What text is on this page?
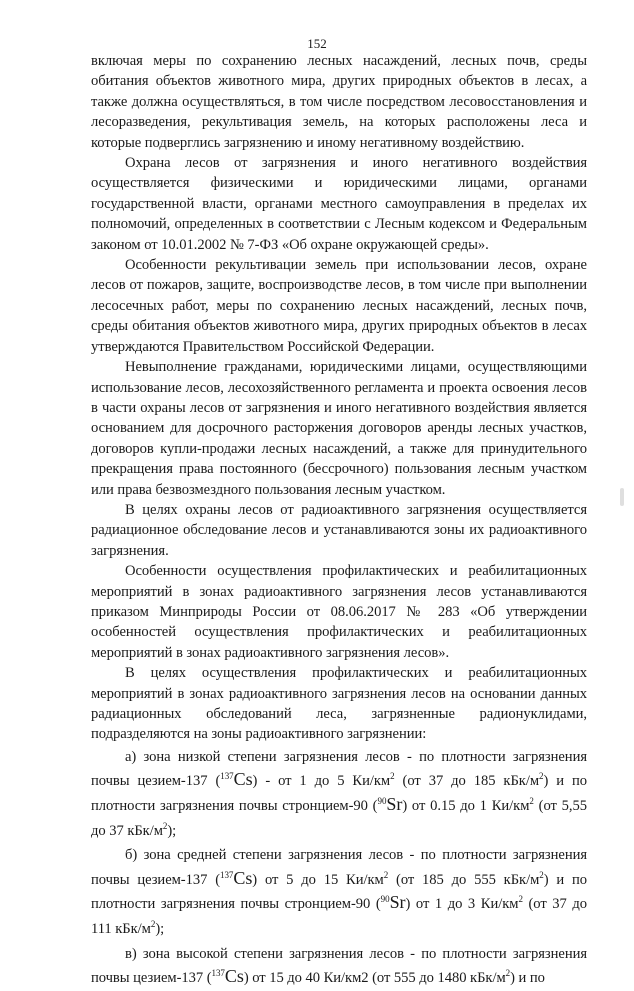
152

включая меры по сохранению лесных насаждений, лесных почв, среды обитания объектов животного мира, других природных объектов в лесах, а также должна осуществляться, в том числе посредством лесовосстановления и лесоразведения, рекультивация земель, на которых расположены леса и которые подверглись загрязнению и иному негативному воздействию.

Охрана лесов от загрязнения и иного негативного воздействия осуществляется физическими и юридическими лицами, органами государственной власти, органами местного самоуправления в пределах их полномочий, определенных в соответствии с Лесным кодексом и Федеральным законом от 10.01.2002 № 7-ФЗ «Об охране окружающей среды».

Особенности рекультивации земель при использовании лесов, охране лесов от пожаров, защите, воспроизводстве лесов, в том числе при выполнении лесосечных работ, меры по сохранению лесных насаждений, лесных почв, среды обитания объектов животного мира, других природных объектов в лесах утверждаются Правительством Российской Федерации.

Невыполнение гражданами, юридическими лицами, осуществляющими использование лесов, лесохозяйственного регламента и проекта освоения лесов в части охраны лесов от загрязнения и иного негативного воздействия является основанием для досрочного расторжения договоров аренды лесных участков, договоров купли-продажи лесных насаждений, а также для принудительного прекращения права постоянного (бессрочного) пользования лесным участком или права безвозмездного пользования лесным участком.

В целях охраны лесов от радиоактивного загрязнения осуществляется радиационное обследование лесов и устанавливаются зоны их радиоактивного загрязнения.

Особенности осуществления профилактических и реабилитационных мероприятий в зонах радиоактивного загрязнения лесов устанавливаются приказом Минприроды России от 08.06.2017 № 283 «Об утверждении особенностей осуществления профилактических и реабилитационных мероприятий в зонах радиоактивного загрязнения лесов».

В целях осуществления профилактических и реабилитационных мероприятий в зонах радиоактивного загрязнения лесов на основании данных радиационных обследований леса, загрязненные радионуклидами, подразделяются на зоны радиоактивного загрязнении:

а) зона низкой степени загрязнения лесов - по плотности загрязнения почвы цезием-137 ($^{137}$Cs) - от 1 до 5 $Ки/км^2$ (от 37 до 185 кБк/$м^2$) и по плотности загрязнения почвы стронцием-90 ($^{90}$Sr) от 0.15 до 1 $Ки/км^2$ (от 5,55 до 37 кБк/$м^2$);

б) зона средней степени загрязнения лесов - по плотности загрязнения почвы цезием-137 ($^{137}$Cs) от 5 до 15 $Ки/км^2$ (от 185 до 555 кБк/$м^2$) и по плотности загрязнения почвы стронцием-90 ($^{90}$Sr) от 1 до 3 $Ки/км^2$ (от 37 до 111 кБк/$м^2$);

в) зона высокой степени загрязнения лесов - по плотности загрязнения почвы цезием-137 ($^{137}$Cs) от 15 до 40 Ки/км2 (от 555 до 1480 кБк/$м^2$) и по
